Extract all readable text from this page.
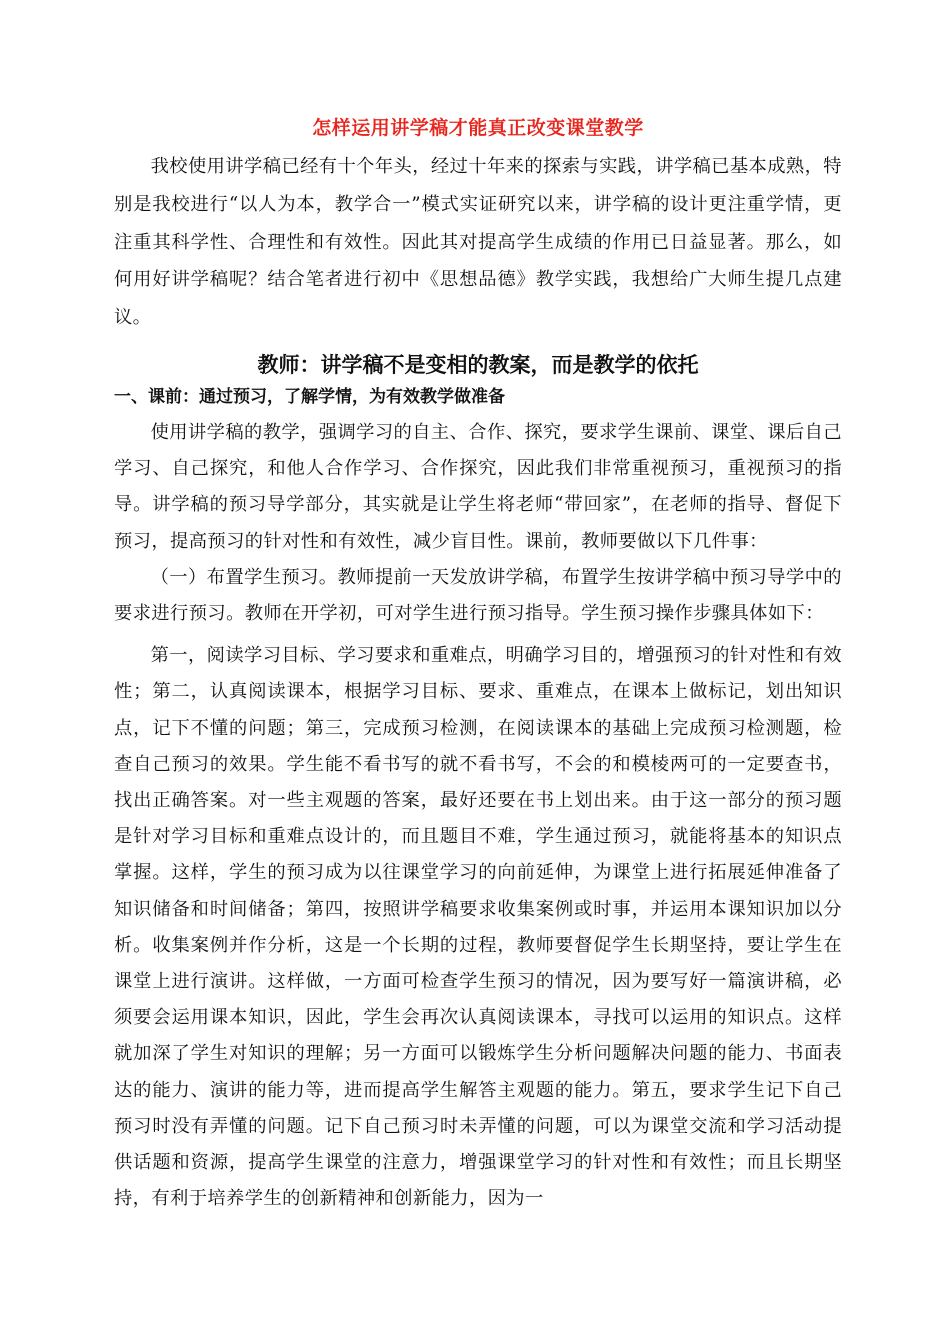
怎样运用讲学稿才能真正改变课堂教学

我校使用讲学稿已经有十个年头，经过十年来的探索与实践，讲学稿已基本成熟，特别是我校进行“以人为本，教学合一”模式实证研究以来，讲学稿的设计更注重学情，更注重其科学性、合理性和有效性。因此其对提高学生成绩的作用已日益显著。那么，如何用好讲学稿呢？结合笔者进行初中《思想品德》教学实践，我想给广大师生提几点建议。

教师：讲学稿不是变相的教案，而是教学的依托
一、课前：通过预习，了解学情，为有效教学做准备

使用讲学稿的教学，强调学习的自主、合作、探究，要求学生课前、课堂、课后自己学习、自己探究，和他人合作学习、合作探究，因此我们非常重视预习，重视预习的指导。讲学稿的预习导学部分，其实就是让学生将老师“带回家”，在老师的指导、督促下预习，提高预习的针对性和有效性，减少盲目性。课前，教师要做以下几件事：

（一）布置学生预习。教师提前一天发放讲学稿，布置学生按讲学稿中预习导学中的要求进行预习。教师在开学初，可对学生进行预习指导。学生预习操作步骤具体如下：

第一，阅读学习目标、学习要求和重难点，明确学习目的，增强预习的针对性和有效性；第二，认真阅读课本，根据学习目标、要求、重难点，在课本上做标记，划出知识点，记下不懂的问题；第三，完成预习检测，在阅读课本的基础上完成预习检测题，检查自己预习的效果。学生能不看书写的就不看书写，不会的和模棱两可的一定要查书，找出正确答案。对一些主观题的答案，最好还要在书上划出来。由于这一部分的预习题是针对学习目标和重难点设计的，而且题目不难，学生通过预习，就能将基本的知识点掌握。这样，学生的预习成为以往课堂学习的向前延伸，为课堂上进行拓展延伸准备了知识储备和时间储备；第四，按照讲学稿要求收集案例或时事，并运用本课知识加以分析。收集案例并作分析，这是一个长期的过程，教师要督促学生长期坚持，要让学生在课堂上进行演讲。这样做，一方面可检查学生预习的情况，因为要写好一篇演讲稿，必须要会运用课本知识，因此，学生会再次认真阅读课本，寻找可以运用的知识点。这样就加深了学生对知识的理解；另一方面可以锻炼学生分析问题解决问题的能力、书面表达的能力、演讲的能力等，进而提高学生解答主观题的能力。第五，要求学生记下自己预习时没有弄懂的问题。记下自己预习时未弄懂的问题，可以为课堂交流和学习活动提供话题和资源，提高学生课堂的注意力，增强课堂学习的针对性和有效性；而且长期坚持，有利于培养学生的创新精神和创新能力，因为一
